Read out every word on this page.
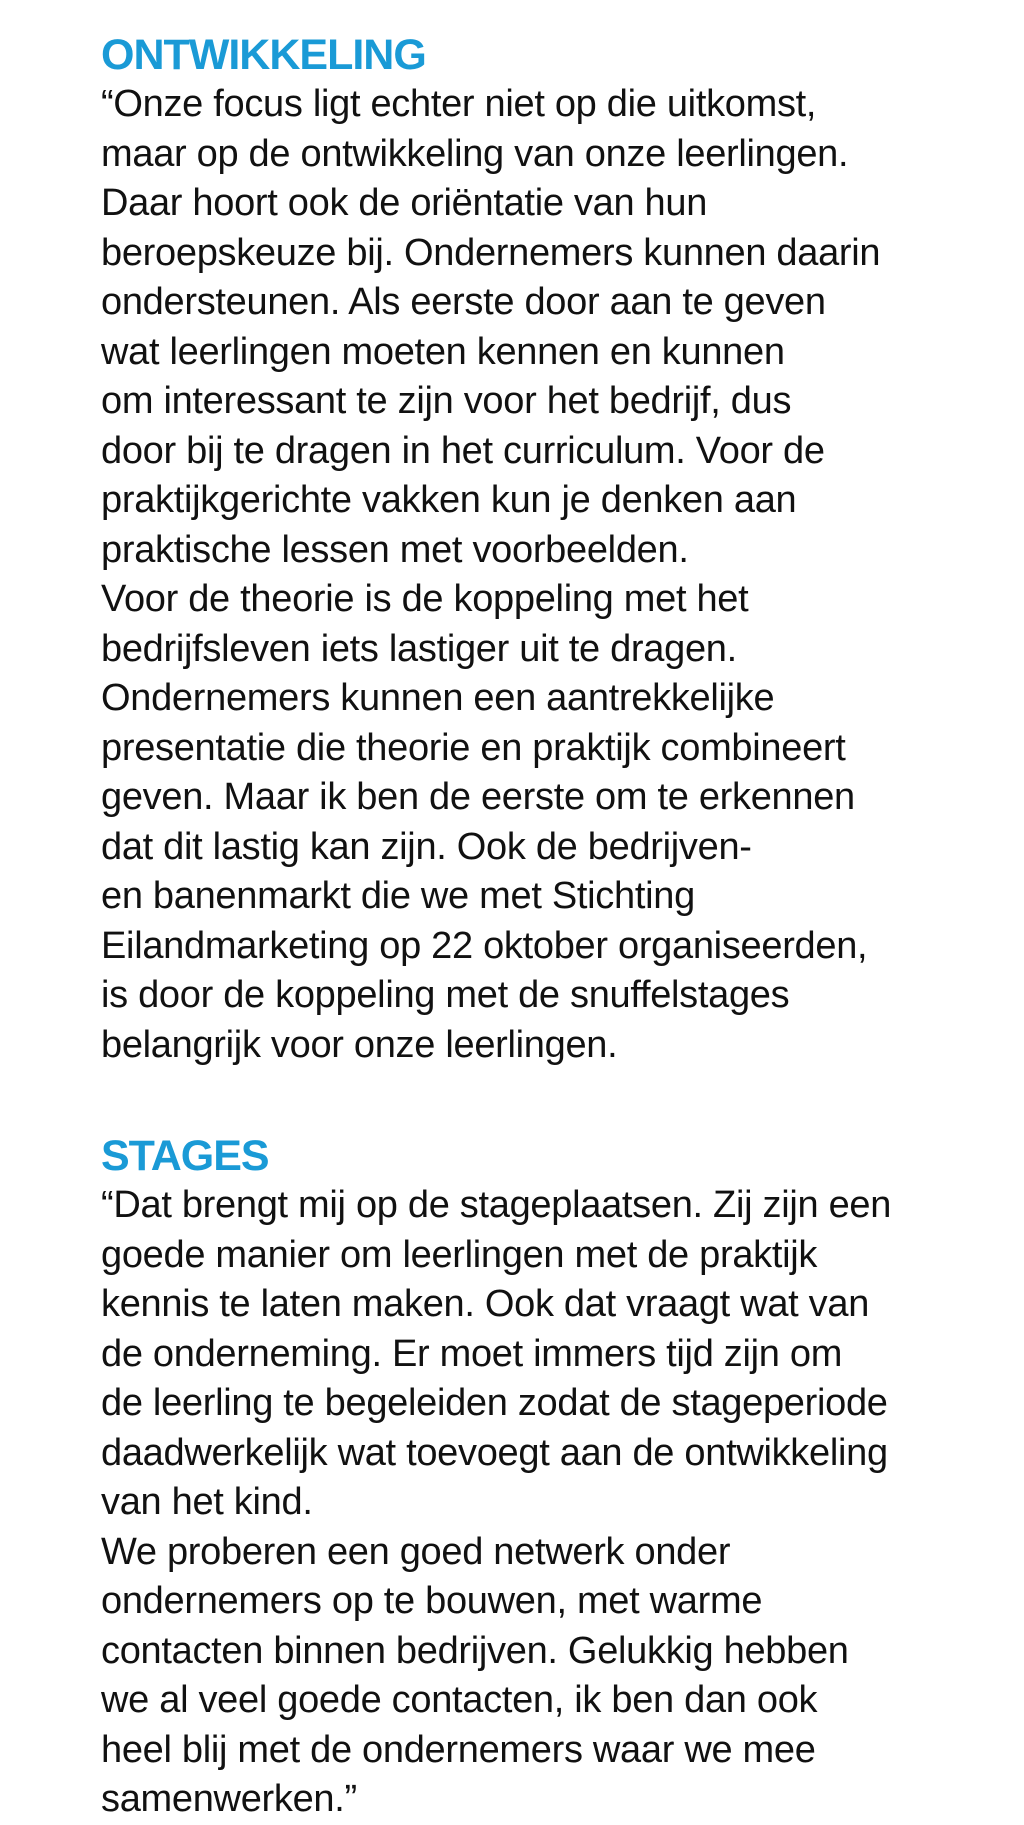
ONTWIKKELING

“Onze focus ligt echter niet op die uitkomst,
maar op de ontwikkeling van onze leerlingen.
Daar hoort ook de oriëntatie van hun
beroepskeuze bij. Ondernemers kunnen daarin
ondersteunen. Als eerste door aan te geven
wat leerlingen moeten kennen en kunnen
om interessant te zijn voor het bedrijf, dus
door bij te dragen in het curriculum. Voor de
praktijkgerichte vakken kun je denken aan
praktische lessen met voorbeelden.

Voor de theorie is de koppeling met het
bedrijfsleven iets lastiger uit te dragen.
Ondernemers kunnen een aantrekkelijke
presentatie die theorie en praktijk combineert
geven. Maar ik ben de eerste om te erkennen
dat dit lastig kan zijn. Ook de bedrijven-
en banenmarkt die we met Stichting
Eilandmarketing op 22 oktober organiseerden,
is door de koppeling met de snuffelstages
belangrijk voor onze leerlingen.

STAGES

“Dat brengt mij op de stageplaatsen. Zij zijn een
goede manier om leerlingen met de praktijk
kennis te laten maken. Ook dat vraagt wat van
de onderneming. Er moet immers tijd zijn om
de leerling te begeleiden zodat de stageperiode
daadwerkelijk wat toevoegt aan de ontwikkeling
van het kind.

We proberen een goed netwerk onder
ondernemers op te bouwen, met warme
contacten binnen bedrijven. Gelukkig hebben
we al veel goede contacten, ik ben dan ook
heel blij met de ondernemers waar we mee
samenwerken.”
